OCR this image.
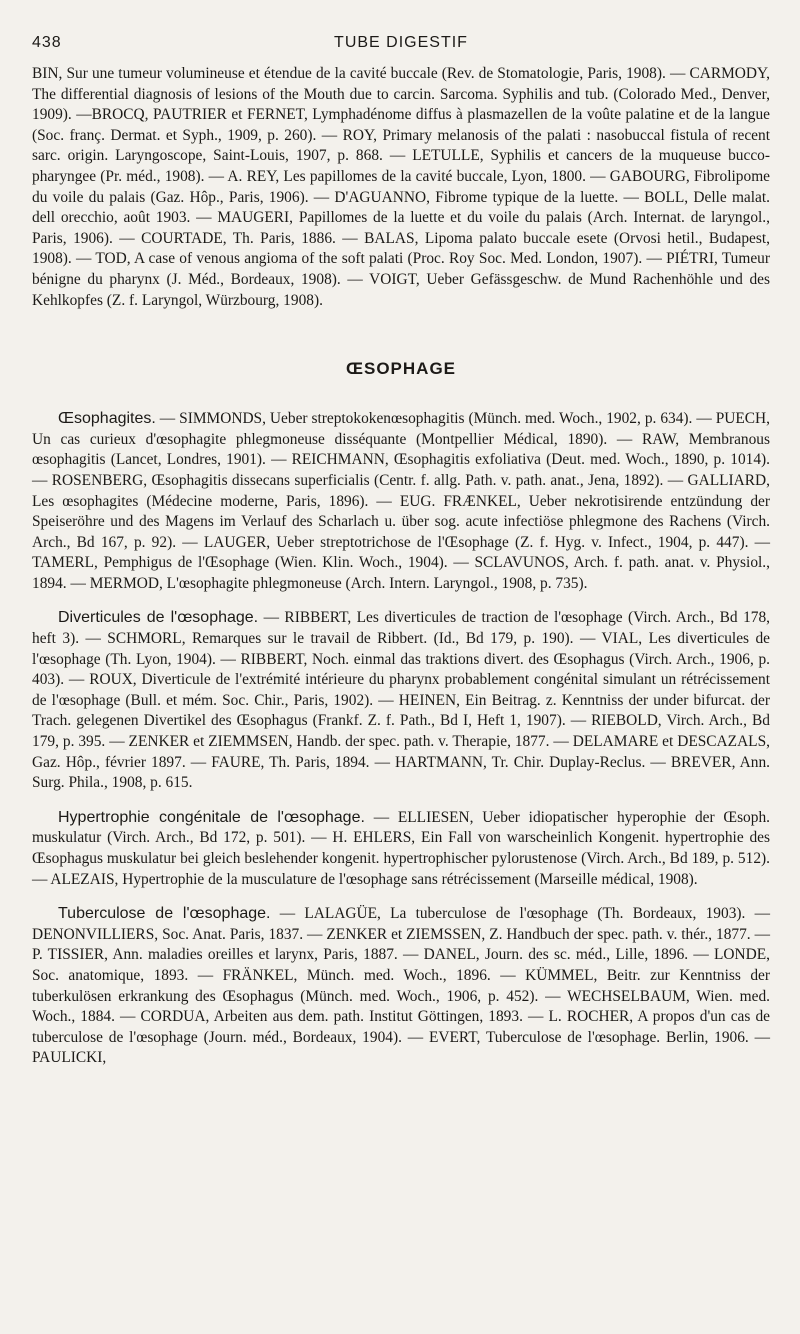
438	TUBE DIGESTIF

BIN, Sur une tumeur volumineuse et étendue de la cavité buccale (Rev. de Stomatologie, Paris, 1908). — CARMODY, The differential diagnosis of lesions of the Mouth due to carcin. Sarcoma. Syphilis and tub. (Colorado Med., Denver, 1909). —BROCQ, PAUTRIER et FERNET, Lymphadénome diffus à plasmazellen de la voûte palatine et de la langue (Soc. franç. Dermat. et Syph., 1909, p. 260). — ROY, Primary melanosis of the palati : nasobuccal fistula of recent sarc. origin. Laryngoscope, Saint-Louis, 1907, p. 868. — LETULLE, Syphilis et cancers de la muqueuse bucco-pharyngee (Pr. méd., 1908). — A. REY, Les papillomes de la cavité buccale, Lyon, 1800. — GABOURG, Fibrolipome du voile du palais (Gaz. Hôp., Paris, 1906). — D'AGUANNO, Fibrome typique de la luette. — BOLL, Delle malat. dell orecchio, août 1903. — MAUGERI, Papillomes de la luette et du voile du palais (Arch. Internat. de laryngol., Paris, 1906). — COURTADE, Th. Paris, 1886. — BALAS, Lipoma palato buccale esete (Orvosi hetil., Budapest, 1908). — TOD, A case of venous angioma of the soft palati (Proc. Roy Soc. Med. London, 1907). — PIÉTRI, Tumeur bénigne du pharynx (J. Méd., Bordeaux, 1908). — VOIGT, Ueber Gefässgeschw. de Mund Rachenhöhle und des Kehlkopfes (Z. f. Laryngol, Würzbourg, 1908).

ŒSOPHAGE

Œsophagites. — SIMMONDS, Ueber streptokokenœsophagitis (Münch. med. Woch., 1902, p. 634). — PUECH, Un cas curieux d'œsophagite phlegmoneuse disséquante (Montpellier Médical, 1890). — RAW, Membranous œsophagitis (Lancet, Londres, 1901). — REICHMANN, Œsophagitis exfoliativa (Deut. med. Woch., 1890, p. 1014). — ROSENBERG, Œsophagitis dissecans superficialis (Centr. f. allg. Path. v. path. anat., Jena, 1892). — GALLIARD, Les œsophagites (Médecine moderne, Paris, 1896). — EUG. FRÆNKEL, Ueber nekrotisirende entzündung der Speiseröhre und des Magens im Verlauf des Scharlach u. über sog. acute infectiöse phlegmone des Rachens (Virch. Arch., Bd 167, p. 92). — LAUGER, Ueber streptotrichose de l'Œsophage (Z. f. Hyg. v. Infect., 1904, p. 447). — TAMERL, Pemphigus de l'Œsophage (Wien. Klin. Woch., 1904). — SCLAVUNOS, Arch. f. path. anat. v. Physiol., 1894. — MERMOD, L'œsophagite phlegmoneuse (Arch. Intern. Laryngol., 1908, p. 735).

Diverticules de l'œsophage. — RIBBERT, Les diverticules de traction de l'œsophage (Virch. Arch., Bd 178, heft 3). — SCHMORL, Remarques sur le travail de Ribbert. (Id., Bd 179, p. 190). — VIAL, Les diverticules de l'œsophage (Th. Lyon, 1904). — RIBBERT, Noch. einmal das traktions divert. des Œsophagus (Virch. Arch., 1906, p. 403). — ROUX, Diverticule de l'extrémité intérieure du pharynx probablement congénital simulant un rétrécissement de l'œsophage (Bull. et mém. Soc. Chir., Paris, 1902). — HEINEN, Ein Beitrag. z. Kenntniss der under bifurcat. der Trach. gelegenen Divertikel des Œsophagus (Frankf. Z. f. Path., Bd I, Heft 1, 1907). — RIEBOLD, Virch. Arch., Bd 179, p. 395. — ZENKER et ZIEMMSEN, Handb. der spec. path. v. Therapie, 1877. — DELAMARE et DESCAZALS, Gaz. Hôp., février 1897. — FAURE, Th. Paris, 1894. — HARTMANN, Tr. Chir. Duplay-Reclus. — BREVER, Ann. Surg. Phila., 1908, p. 615.

Hypertrophie congénitale de l'œsophage. — ELLIESEN, Ueber idiopatischer hyperophie der Œsoph. muskulatur (Virch. Arch., Bd 172, p. 501). — H. EHLERS, Ein Fall von warscheinlich Kongenit. hypertrophie des Œsophagus muskulatur bei gleich beslehender kongenit. hypertrophischer pylorustenose (Virch. Arch., Bd 189, p. 512). — ALEZAIS, Hypertrophie de la musculature de l'œsophage sans rétrécissement (Marseille médical, 1908).

Tuberculose de l'œsophage. — LALAGÜE, La tuberculose de l'œsophage (Th. Bordeaux, 1903). — DENONVILLIERS, Soc. Anat. Paris, 1837. — ZENKER et ZIEMSSEN, Z. Handbuch der spec. path. v. thér., 1877. — P. TISSIER, Ann. maladies oreilles et larynx, Paris, 1887. — DANEL, Journ. des sc. méd., Lille, 1896. — LONDE, Soc. anatomique, 1893. — FRÄNKEL, Münch. med. Woch., 1896. — KÜMMEL, Beitr. zur Kenntniss der tuberkulösen erkrankung des Œsophagus (Münch. med. Woch., 1906, p. 452). — WECHSELBAUM, Wien. med. Woch., 1884. — CORDUA, Arbeiten aus dem. path. Institut Göttingen, 1893. — L. ROCHER, A propos d'un cas de tuberculose de l'œsophage (Journ. méd., Bordeaux, 1904). — EVERT, Tuberculose de l'œsophage. Berlin, 1906. — PAULICKI,
